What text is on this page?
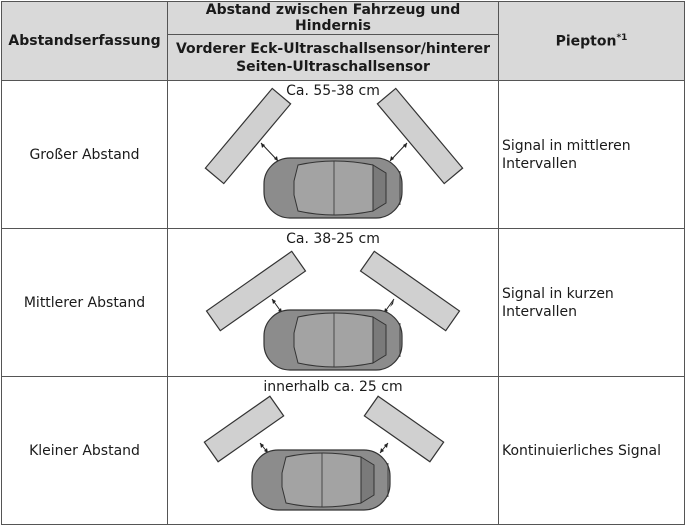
Abstandserfassung	Abstand zwischen Fahrzeug und Hindernis	Piepton$^{*1}$
	Vorderer Eck-Ultraschallsensor/hinterer Seiten-Ultraschallsensor	
Großer Abstand	Ca. 55-38 cm	Signal in mittleren Intervallen
Mittlerer Abstand	Ca. 38-25 cm	Signal in kurzen Intervallen
Kleiner Abstand	innerhalb ca. 25 cm	Kontinuierliches Signal
